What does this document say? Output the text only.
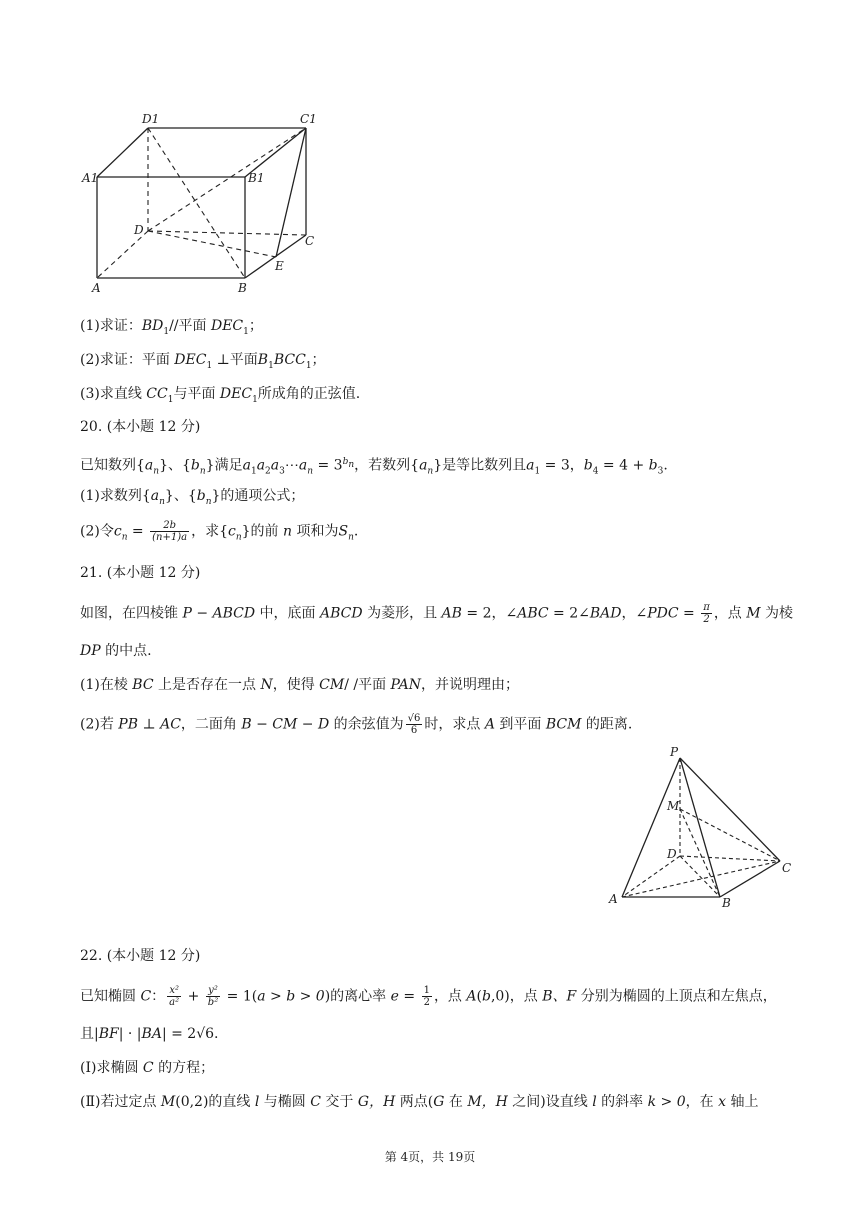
D1	C1
A1	B1
D
C
E
A	B
(1)求证：$BD_1//$平面 $DEC_1$；
(2)求证：平面 $DEC_1$ ⊥平面$B_1BCC_1$；
(3)求直线 $CC_1$与平面 $DEC_1$所成角的正弦值.
20. (本小题 12 分)
已知数列$\{a_n\}$、$\{b_n\}$满足$a_1a_2a_3\cdots a_n = 3^{b_n}$，若数列$\{a_n\}$是等比数列且$a_1 = 3$，$b_4 = 4 + b_3$.
(1)求数列$\{a_n\}$、$\{b_n\}$的通项公式；
(2)令$c_n = \frac{2b}{(n+1)a}$ ，求$\{c_n\}$的前 n 项和为$S_n$.
21. (本小题 12 分)
如图，在四棱锥 P − ABCD 中，底面 ABCD 为菱形，且 AB = 2，∠ABC = 2∠BAD，∠PDC = $\frac{\pi}{2}$ ，点 M 为棱
DP 的中点.
(1)在棱 BC 上是否存在一点 N，使得 CM/ /平面 PAN，并说明理由；
(2)若 PB ⊥ AC，二面角 B − CM − D 的余弦值为 $\frac{√6}{6}$ 时，求点 A 到平面 BCM 的距离.
P
M
D
C
A	B
22. (本小题 12 分)
已知椭圆 C： $\frac{\text{x²}}{\text{a²}} + \frac{\text{y²}}{\text{b²}} = 1(a > b > 0)$的离心率 $e = \frac{1}{2}$ ，点 A(b,0)，点 B、F 分别为椭圆的上顶点和左焦点，
且|BF| · |BA| = 2√6.
(Ⅰ)求椭圆 C 的方程；
(Ⅱ)若过定点 M(0,2)的直线 l 与椭圆 C 交于 G，H 两点(G 在 M，H 之间)设直线 l 的斜率 k > 0，在 x 轴上
第 4页，共 19页
